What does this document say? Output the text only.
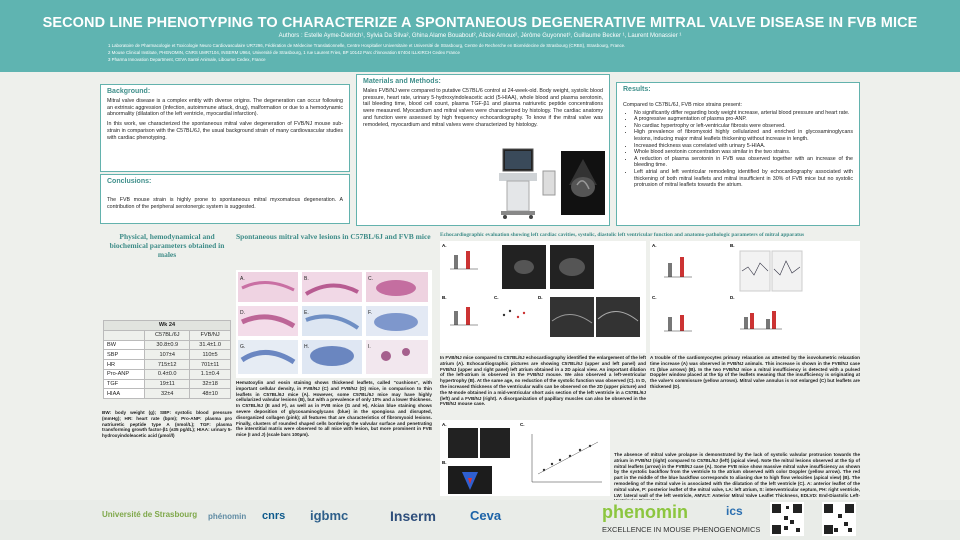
SECOND LINE PHENOTYPING TO CHARACTERIZE A SPONTANEOUS DEGENERATIVE MITRAL VALVE DISEASE IN FVB MICE
Authors : Estelle Ayme-Dietrich¹, Sylvia Da Silva², Ghina Alame Bouabout², Alizée Arnoux², Jérôme Guyonnet³, Guillaume Becker ¹, Laurent Monassier ¹
1 Laboratoire de Pharmacologie et Toxicologie Neuro Cardiovasculaire UR7296, Fédération de Médecine Translationnelle, Centre Hospitalier Universitaire et Université de Strasbourg, Centre de Recherche en Biomédecine de Strasbourg (CRBS), Strasbourg, France.
2 Mouse Clinical Institute, PHENOMIN, CNRS UMR7104, INSERM U964, Université de Strasbourg, 1 rue Laurent Fries, BP 10142 Parc d'innovation 67404 ILLKIRCH Cedex France
3 Pharma Innovation Department, CEVA Santé Animale, Libourne Cedex, France
Background:

Mitral valve disease is a complex entity with diverse origins. The degeneration can occur following an extrinsic aggression (infection, autoimmune attack, drug), malformation or due to a hemodynamic abnormality (dilatation of the left ventricle, myocardial infarction).

In this work, we characterized the spontaneous mitral valve degeneration of FVB/NJ mouse sub-strain in comparison with the C57BL/6J, the usual background strain of many cardiovascular studies with cardiac phenotyping.

Conclusions:
The FVB mouse strain is highly prone to spontaneous mitral myxomatous degeneration. A contribution of the peripheral serotonergic system is suggested.
Materials and Methods:
Males FVB/NJ were compared to putative C57BL/6 control at 24-week-old. Body weight, systolic blood pressure, heart rate, urinary 5-hydroxyindoleacetic acid (5-HIAA), whole blood and plasma serotonin, tail bleeding time, blood cell count, plasma TGF-β1 and plasma natriuretic peptide concentrations were measured. Myocardium and mitral valves were characterized by histology. The cardiac anatomy and function were assessed by high frequency echocardiography. To know if the mitral valve was remodeled, myocardium and mitral valves were characterized by histology.
Results:
Compared to C57BL/6J, FVB mice strains present:
• No significantly differ regarding body weight increase, arterial blood pressure and heart rate.
• A progressive augmentation of plasma pro-ANP.
• No cardiac hypertrophy or left-ventricular fibrosis were observed.
• High prevalence of fibromyxoid highly cellularized and enriched in glycosaminoglycans lesions, inducing major mitral leaflets thickening without increase in length.
• Increased thickness was correlated with urinary 5-HIAA.
• Whole blood serotonin concentration was similar in the two strains.
• A reduction of plasma serotonin in FVB was observed together with an increase of the bleeding time.
• Left atrial and left ventricular remodeling identified by echocardiography associated with thickening of both mitral leaflets and mitral insufficient in 30% of FVB mice but no systolic protrusion of mitral leaflets towards the atrium.
Physical, hemodynamical and biochemical parameters obtained in males
Wk 24		
	C57BL/6J	FVB/NJ
BW	30.8±0.9	31.4±1.0
SBP	107±4	110±5
HR	715±12	701±11
Pro-ANP	0.4±0.0	1.1±0.4
TGF	19±11	32±18
HIAA	32±4	48±10
BW: body weight (g); SBP: systolic blood pressure (mmHg); HR: heart rate (bpm); Pro-ANP: plasma pro natriuretic peptide type A (nmol/L); TGF: plasma transforming growth factor-β1 (±35 pg/dL); HIAA: urinary 5-hydroxyindoleacetic acid (µmol/l)
Spontaneous mitral valve lesions in C57BL/6J and FVB mice
A.	B.	C.
D.	E.	F.
G.	H.	I.
Hematoxylin and eosin staining shows thickened leaflets, called "cushions", with important cellular density, in FVB/NJ (C) and FVB/NJ (D) mice, in comparison to thin leaflets in C57BL/6J mice (A). However, some C57BL/6J mice may have highly cellularized valvular lesions (B), but with a prevalence of only 10% and a lower thickness. In C57BL/6J (E and F), as well as in FVB mice (G and H), Alcian blue staining shows severe deposition of glycosaminoglycans (blue) in the spongiosa and disrupted, disorganized collagen (pink); all features that are characteristics of fibromyxoid lesions. Finally, clusters of rounded shaped cells bordering the valvular surface and penetrating the interstitial matrix were observed to all mice with lesion, but more prominent in FVB mice (I and J) (scale bars 100µm).
Echocardiographic evaluation showing left cardiac cavities, systolic, diastolic left ventricular function and anatomo-pathologic parameters of mitral apparatus
A.
B.	C.	D.
A.	B.
C.	D.
In FVB/NJ mice compared to C57BL/6J echocardiography identified the enlargement of the left atrium (A). Echocardiographic pictures are showing C57BL/6J (upper and left panel) and FVB/NJ (upper and right panel) left atrium obtained in a 2D apical view. An important dilation of the left-atrium is observed in the FVB/NJ mouse. We also observed a left-ventricular hypertrophy (B). At the same age, no reduction of the systolic function was observed (C). In D, the increased thickness of the ventricular walls can be observed on the 2D (upper picture) and the M-mode obtained in a mid-ventricular short axis section of the left ventricle in a C57BL/6J (left) and a FVB/NJ (right). A disorganization of papillary muscles can also be observed in the FVB/NJ mouse case.
A trouble of the cardiomyocytes primary relaxation as attested by the isovolumetric relaxation time increase (A) was observed in FVB/NJ animals. This increase is shown in the FVB/NJ case #1 (blue arrows) (B). In the two FVB/NJ mice a mitral insufficiency is detected with a pulsed Doppler window placed at the tip of the leaflets meaning that the insufficiency is originating at the valve's commissure (yellow arrows). Mitral valve annulus is not enlarged (C) but leaflets are thickened (D).
A.
B.
C.
The absence of mitral valve prolapse is demonstrated by the lack of systolic valvular protrusion towards the atrium in FVB/NJ (right) compared to C57BL/6J (left) (apical view). Note the mitral lesions observed at the tip of mitral leaflets (arrow) in the FVB/NJ case (A). Some FVB mice show massive mitral valve insufficiency as shown by the systolic backflow from the ventricle to the atrium observed with color Doppler (yellow arrow). The red part in the middle of the blue backflow corresponds to aliasing due to high flow velocities (apical view) (B). The remodeling of the mitral valve is associated with the dilatation of the left ventricle (C). A: anterior leaflet of the mitral valve, P: posterior leaflet of the mitral valve, LA: left atrium, S: interventricular septum, PH: right ventricle, LW: lateral wall of the left ventricle, AMVLT: Anterior Mitral Valve Leaflet Thickness, EDLVD: End-Diastolic Left-
Université de Strasbourg phénomin cnrs igbmc	Inserm	Ceva	phenomin
EXCELLENCE IN MOUSE PHENOGENOMICS
ics
